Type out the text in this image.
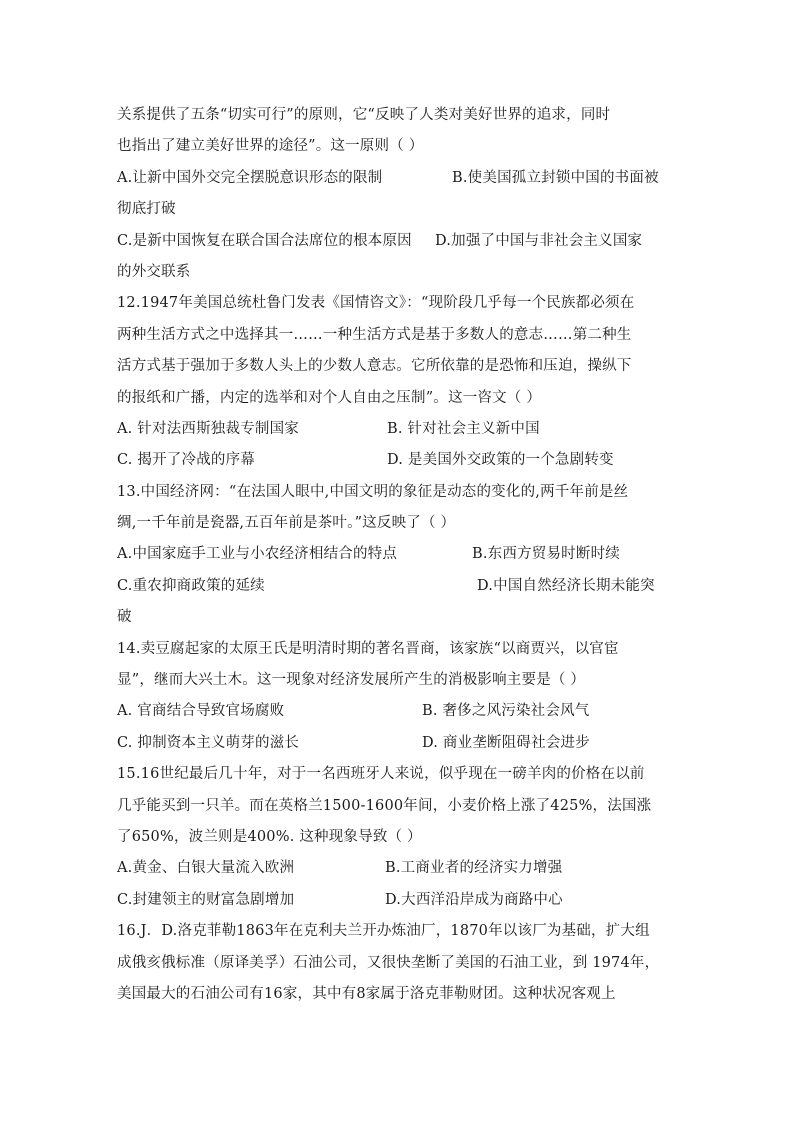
关系提供了五条“切实可行”的原则，它“反映了人类对美好世界的追求，同时
也指出了建立美好世界的途径”。这一原则（ ）
A.让新中国外交完全摆脱意识形态的限制	B.使美国孤立封锁中国的书面被
彻底打破
C.是新中国恢复在联合国合法席位的根本原因	D.加强了中国与非社会主义国家
的外交联系
12.1947年美国总统杜鲁门发表《国情咨文》：“现阶段几乎每一个民族都必须在
两种生活方式之中选择其一……一种生活方式是基于多数人的意志……第二种生
活方式基于强加于多数人头上的少数人意志。它所依靠的是恐怖和压迫，操纵下
的报纸和广播，内定的选举和对个人自由之压制”。这一咨文（ ）
A. 针对法西斯独裁专制国家	B. 针对社会主义新中国
C. 揭开了冷战的序幕	D. 是美国外交政策的一个急剧转变
13.中国经济网：“在法国人眼中,中国文明的象征是动态的变化的,两千年前是丝
绸,一千年前是瓷器,五百年前是茶叶。”这反映了（ ）
A.中国家庭手工业与小农经济相结合的特点	B.东西方贸易时断时续
C.重农抑商政策的延续	D.中国自然经济长期未能突
破
14.卖豆腐起家的太原王氏是明清时期的著名晋商，该家族“以商贾兴，以官宦
显”，继而大兴土木。这一现象对经济发展所产生的消极影响主要是（ ）
A. 官商结合导致官场腐败	B. 奢侈之风污染社会风气
C. 抑制资本主义萌芽的滋长	D. 商业垄断阻碍社会进步
15.16世纪最后几十年，对于一名西班牙人来说，似乎现在一磅羊肉的价格在以前
几乎能买到一只羊。而在英格兰1500-1600年间，小麦价格上涨了425%，法国涨
了650%，波兰则是400%. 这种现象导致（ ）
A.黄金、白银大量流入欧洲	B.工商业者的经济实力增强
C.封建领主的财富急剧增加	D.大西洋沿岸成为商路中心
16.J．D.洛克菲勒1863年在克利夫兰开办炼油厂，1870年以该厂为基础，扩大组
成俄亥俄标准（原译美孚）石油公司，又很快垄断了美国的石油工业，到 1974年，
美国最大的石油公司有16家，其中有8家属于洛克菲勒财团。这种状况客观上
